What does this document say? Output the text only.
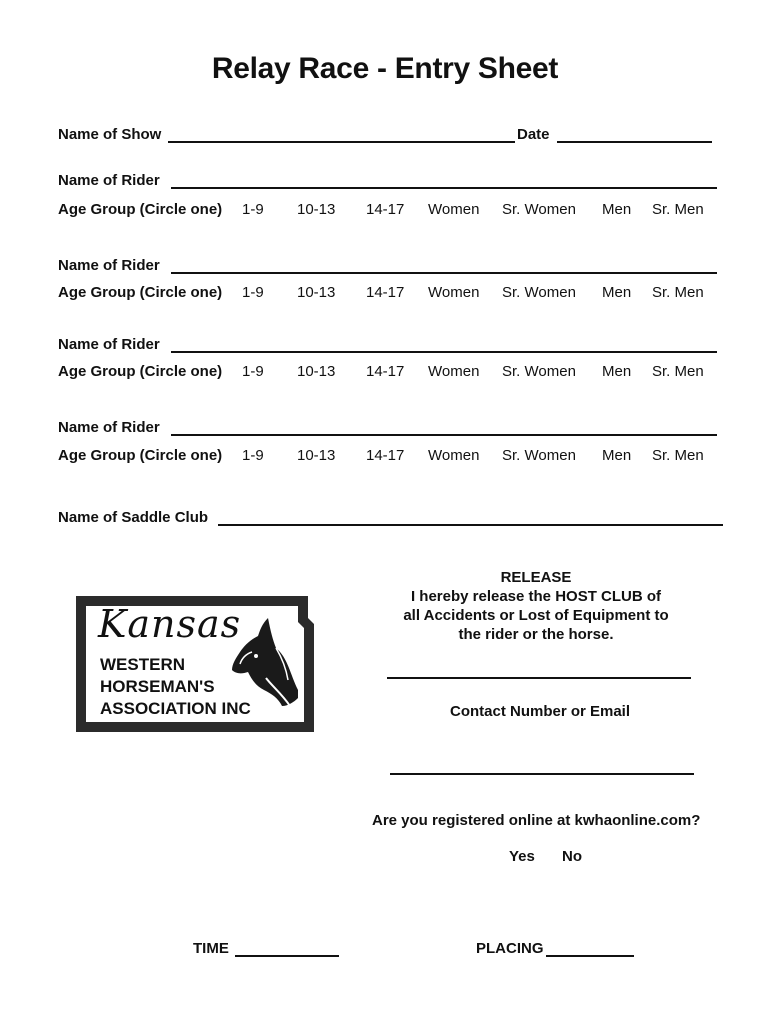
Relay Race - Entry Sheet
Name of Show	Date
Name of Rider
Age Group (Circle one) 1-9 10-13 14-17 Women Sr. Women Men Sr. Men
Name of Rider
Age Group (Circle one) 1-9 10-13 14-17 Women Sr. Women Men Sr. Men
Name of Rider
Age Group (Circle one) 1-9 10-13 14-17 Women Sr. Women Men Sr. Men
Name of Rider
Age Group (Circle one) 1-9 10-13 14-17 Women Sr. Women Men Sr. Men
Name of Saddle Club
Kansas
WESTERN
HORSEMAN'S
ASSOCIATION INC
RELEASE
I hereby release the HOST CLUB of
all Accidents or Lost of Equipment to
the rider or the horse.
Contact Number or Email
Are you registered online at kwhaonline.com?
Yes No
TIME	PLACING
